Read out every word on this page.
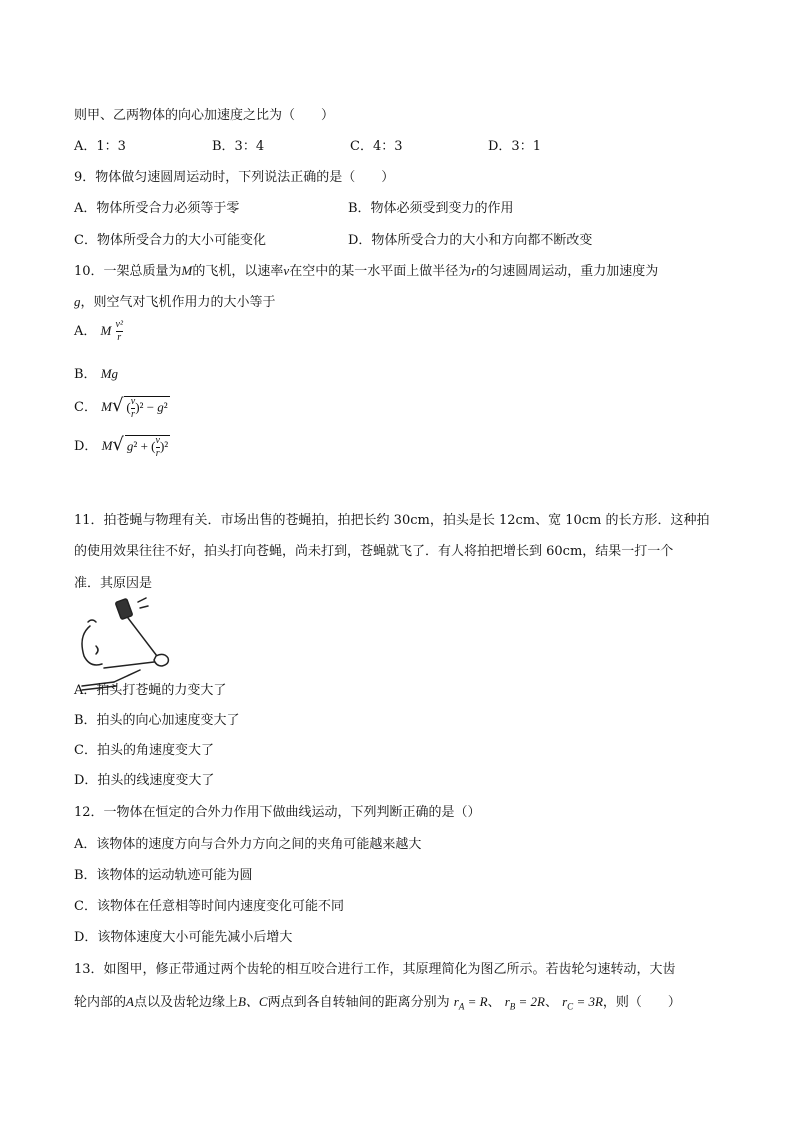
则甲、乙两物体的向心加速度之比为（　　）
A．1：3	B．3：4	C．4：3	D．3：1
9．物体做匀速圆周运动时，下列说法正确的是（　　）
A．物体所受合力必须等于零	B．物体必须受到变力的作用
C．物体所受合力的大小可能变化	D．物体所受合力的大小和方向都不断改变
10．一架总质量为M的飞机，以速率v在空中的某一水平面上做半径为r的匀速圆周运动，重力加速度为
g，则空气对飞机作用力的大小等于
A． M $\frac{\text{v²}}{r}$
B． Mg
C． M√ ( $\frac{v}{r} )^2 - g^2$
D． M√ g² + ( $\frac{v}{r} )^2$
11．拍苍蝇与物理有关．市场出售的苍蝇拍，拍把长约 30cm，拍头是长 12cm、宽 10cm 的长方形．这种拍
的使用效果往往不好，拍头打向苍蝇，尚未打到，苍蝇就飞了．有人将拍把增长到 60cm，结果一打一个
准．其原因是
A．拍头打苍蝇的力变大了
B．拍头的向心加速度变大了
C．拍头的角速度变大了
D．拍头的线速度变大了
12．一物体在恒定的合外力作用下做曲线运动，下列判断正确的是（）
A．该物体的速度方向与合外力方向之间的夹角可能越来越大
B．该物体的运动轨迹可能为圆
C．该物体在任意相等时间内速度变化可能不同
D．该物体速度大小可能先减小后增大
13．如图甲，修正带通过两个齿轮的相互咬合进行工作，其原理简化为图乙所示。若齿轮匀速转动，大齿
轮内部的A点以及齿轮边缘上B、C两点到各自转轴间的距离分别为 $r_A = R$、 $r_B = 2R$、 $r_C = 3R$，则（　　）
